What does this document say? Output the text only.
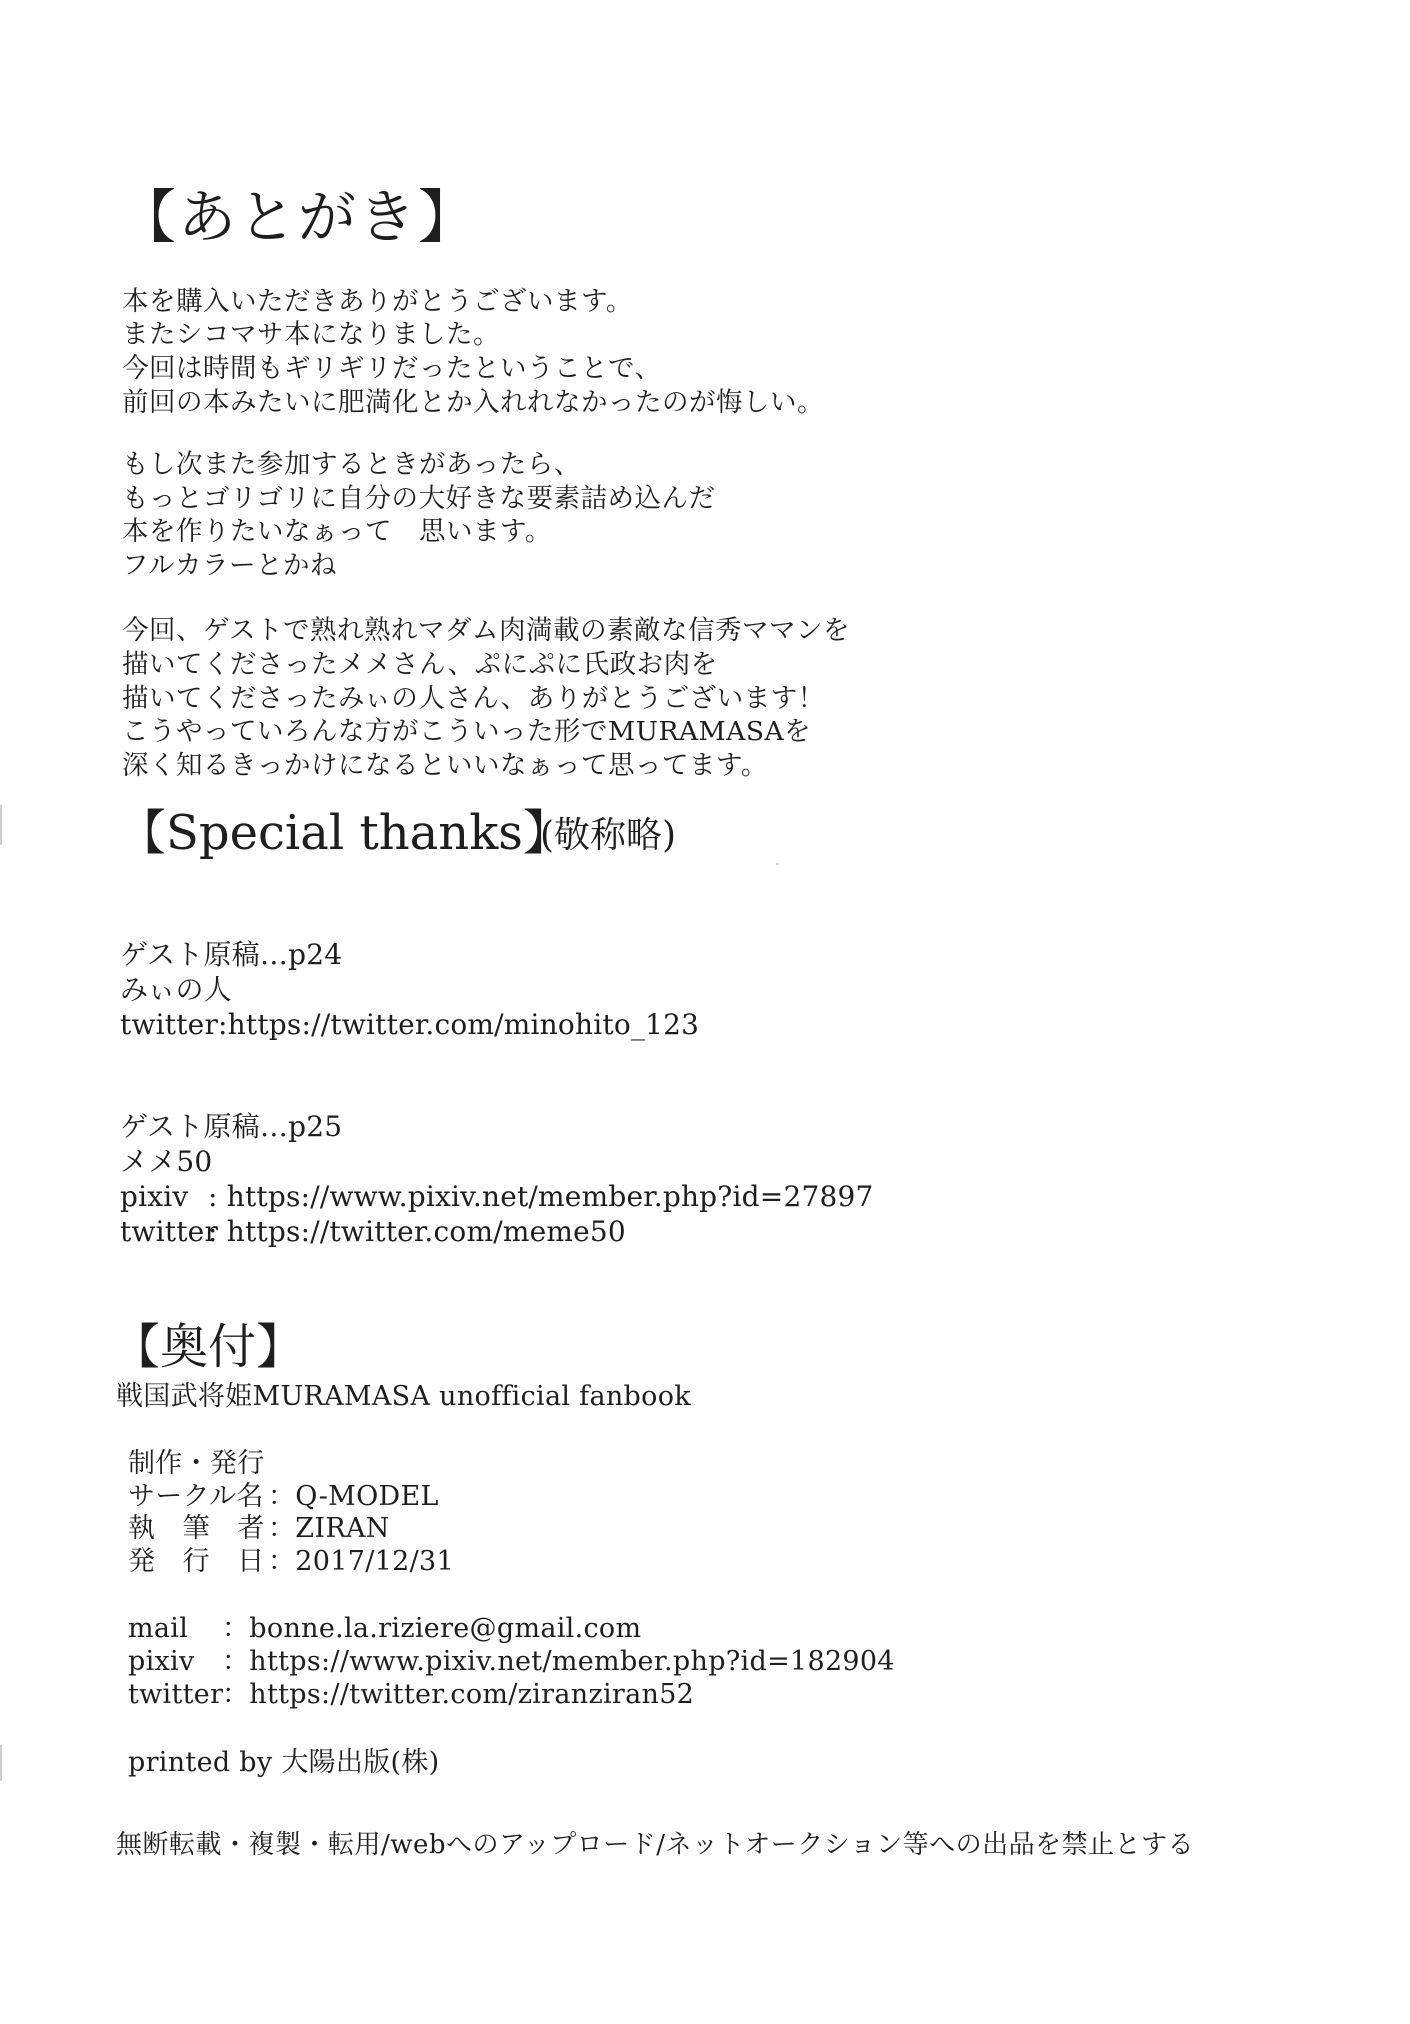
【あとがき】
本を購入いただきありがとうございます。
またシコマサ本になりました。
今回は時間もギリギリだったということで、
前回の本みたいに肥満化とか入れれなかったのが悔しい。
もし次また参加するときがあったら、
もっとゴリゴリに自分の大好きな要素詰め込んだ
本を作りたいなぁって　思います。
フルカラーとかね
今回、ゲストで熟れ熟れマダム肉満載の素敵な信秀ママンを
描いてくださったメメさん、ぷにぷに氏政お肉を
描いてくださったみぃの人さん、ありがとうございます！
こうやっていろんな方がこういった形でMURAMASAを
深く知るきっかけになるといいなぁって思ってます。
【Special thanks】
(敬称略)
ゲスト原稿…p24
みぃの人
twitter:https://twitter.com/minohito_123
ゲスト原稿…p25
メメ50
pixiv : https://www.pixiv.net/member.php?id=27897
twitter
: https://twitter.com/meme50
【奥付】
戦国武将姫MURAMASA unofficial fanbook
制作・発行
サークル名 ：Q-MODEL
執　筆　者 ：ZIRAN
発　行　日 ：2017/12/31
mail ：bonne.la.riziere@gmail.com
pixiv ：https://www.pixiv.net/member.php?id=182904
twitter
：https://twitter.com/ziranziran52
printed by 大陽出版(株)
無断転載・複製・転用/webへのアップロード/ネットオークション等への出品を禁止とする
